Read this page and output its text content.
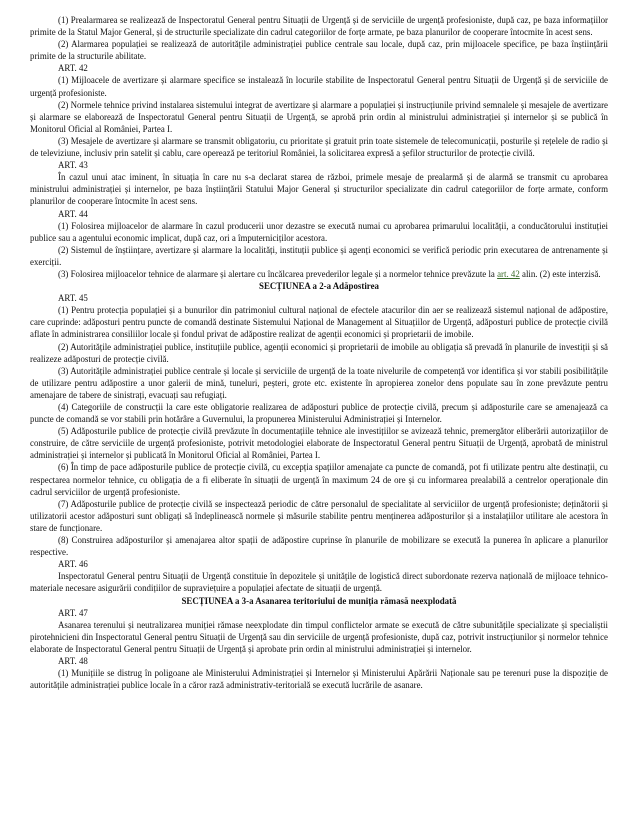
(1) Prealarmarea se realizează de Inspectoratul General pentru Situații de Urgență și de serviciile de urgență profesioniste, după caz, pe baza informațiilor primite de la Statul Major General, și de structurile specializate din cadrul categoriilor de forțe armate, pe baza planurilor de cooperare întocmite în acest sens.

(2) Alarmarea populației se realizează de autoritățile administrației publice centrale sau locale, după caz, prin mijloacele specifice, pe baza înștiințării primite de la structurile abilitate.

ART. 42

(1) Mijloacele de avertizare și alarmare specifice se instalează în locurile stabilite de Inspectoratul General pentru Situații de Urgență și de serviciile de urgență profesioniste.

(2) Normele tehnice privind instalarea sistemului integrat de avertizare și alarmare a populației și instrucțiunile privind semnalele și mesajele de avertizare și alarmare se elaborează de Inspectoratul General pentru Situații de Urgență, se aprobă prin ordin al ministrului administrației și internelor și se publică în Monitorul Oficial al României, Partea I.

(3) Mesajele de avertizare și alarmare se transmit obligatoriu, cu prioritate și gratuit prin toate sistemele de telecomunicații, posturile și rețelele de radio și de televiziune, inclusiv prin satelit și cablu, care operează pe teritoriul României, la solicitarea expresă a șefilor structurilor de protecție civilă.

ART. 43

În cazul unui atac iminent, în situația în care nu s-a declarat starea de război, primele mesaje de prealarmă și de alarmă se transmit cu aprobarea ministrului administrației și internelor, pe baza înștiințării Statului Major General și structurilor specializate din cadrul categoriilor de forțe armate, conform planurilor de cooperare întocmite în acest sens.

ART. 44

(1) Folosirea mijloacelor de alarmare în cazul producerii unor dezastre se execută numai cu aprobarea primarului localității, a conducătorului instituției publice sau a agentului economic implicat, după caz, ori a împuterniciților acestora.

(2) Sistemul de înștiințare, avertizare și alarmare la localități, instituții publice și agenți economici se verifică periodic prin executarea de antrenamente și exerciții.

(3) Folosirea mijloacelor tehnice de alarmare și alertare cu încălcarea prevederilor legale și a normelor tehnice prevăzute la art. 42 alin. (2) este interzisă.

SECȚIUNEA a 2-a Adăpostirea

ART. 45

(1) Pentru protecția populației și a bunurilor din patrimoniul cultural național de efectele atacurilor din aer se realizează sistemul național de adăpostire, care cuprinde: adăposturi pentru puncte de comandă destinate Sistemului Național de Management al Situațiilor de Urgență, adăposturi publice de protecție civilă aflate în administrarea consiliilor locale și fondul privat de adăpostire realizat de agenții economici și proprietarii de imobile.

(2) Autoritățile administrației publice, instituțiile publice, agenții economici și proprietarii de imobile au obligația să prevadă în planurile de investiții și să realizeze adăposturi de protecție civilă.

(3) Autoritățile administrației publice centrale și locale și serviciile de urgență de la toate nivelurile de competență vor identifica și vor stabili posibilitățile de utilizare pentru adăpostire a unor galerii de mină, tuneluri, peșteri, grote etc. existente în apropierea zonelor dens populate sau în zone prevăzute pentru amenajare de tabere de sinistrați, evacuați sau refugiați.

(4) Categoriile de construcții la care este obligatorie realizarea de adăposturi publice de protecție civilă, precum și adăposturile care se amenajează ca puncte de comandă se vor stabili prin hotărâre a Guvernului, la propunerea Ministerului Administrației și Internelor.

(5) Adăposturile publice de protecție civilă prevăzute în documentațiile tehnice ale investițiilor se avizează tehnic, premergător eliberării autorizațiilor de construire, de către serviciile de urgență profesioniste, potrivit metodologiei elaborate de Inspectoratul General pentru Situații de Urgență, aprobată de ministrul administrației și internelor și publicată în Monitorul Oficial al României, Partea I.

(6) În timp de pace adăposturile publice de protecție civilă, cu excepția spațiilor amenajate ca puncte de comandă, pot fi utilizate pentru alte destinații, cu respectarea normelor tehnice, cu obligația de a fi eliberate în situații de urgență în maximum 24 de ore și cu informarea prealabilă a centrelor operaționale din cadrul serviciilor de urgență profesioniste.

(7) Adăposturile publice de protecție civilă se inspectează periodic de către personalul de specialitate al serviciilor de urgență profesioniste; deținătorii și utilizatorii acestor adăposturi sunt obligați să îndeplinească normele și măsurile stabilite pentru menținerea adăposturilor și a instalațiilor utilitare ale acestora în stare de funcționare.

(8) Construirea adăposturilor și amenajarea altor spații de adăpostire cuprinse în planurile de mobilizare se execută la punerea în aplicare a planurilor respective.

ART. 46

Inspectoratul General pentru Situații de Urgență constituie în depozitele și unitățile de logistică direct subordonate rezerva națională de mijloace tehnico-materiale necesare asigurării condițiilor de supraviețuire a populației afectate de situații de urgență.

SECȚIUNEA a 3-a Asanarea teritoriului de muniția rămasă neexplodată

ART. 47

Asanarea terenului și neutralizarea muniției rămase neexplodate din timpul conflictelor armate se execută de către subunitățile specializate și specialiștii pirotehnicieni din Inspectoratul General pentru Situații de Urgență sau din serviciile de urgență profesioniste, după caz, potrivit instrucțiunilor și normelor tehnice elaborate de Inspectoratul General pentru Situații de Urgență și aprobate prin ordin al ministrului administrației și internelor.

ART. 48

(1) Munițiile se distrug în poligoane ale Ministerului Administrației și Internelor și Ministerului Apărării Naționale sau pe terenuri puse la dispoziție de autoritățile administrației publice locale în a căror rază administrativ-teritorială se execută lucrările de asanare.
